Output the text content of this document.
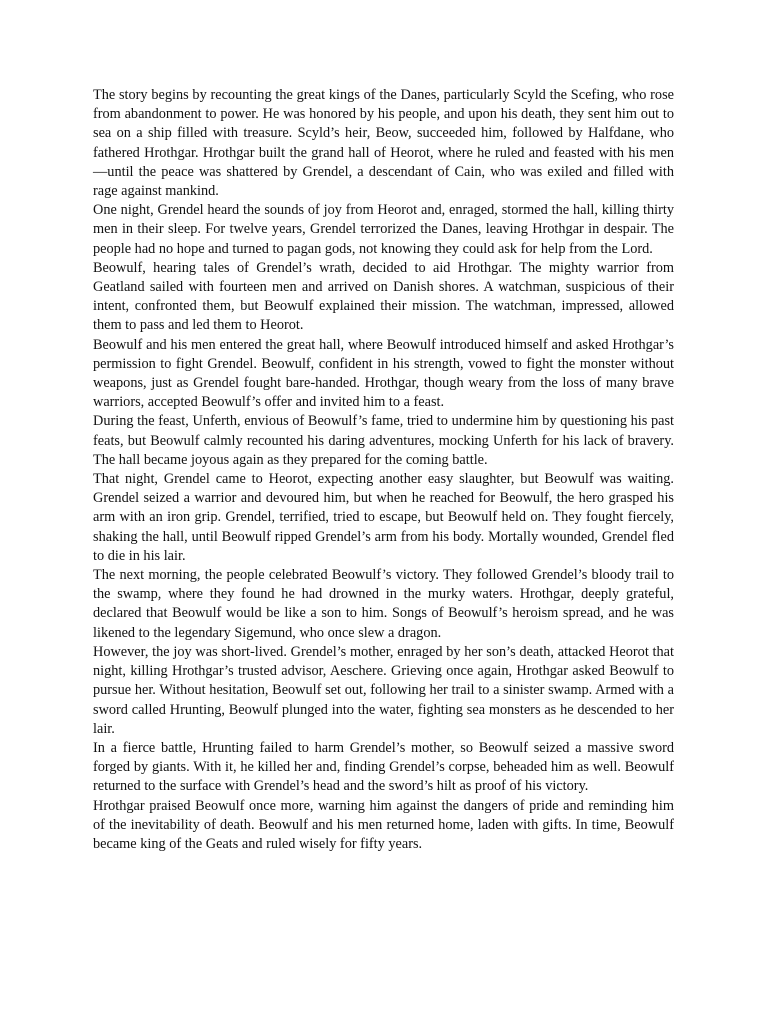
The story begins by recounting the great kings of the Danes, particularly Scyld the Scefing, who rose from abandonment to power. He was honored by his people, and upon his death, they sent him out to sea on a ship filled with treasure. Scyld’s heir, Beow, succeeded him, followed by Halfdane, who fathered Hrothgar. Hrothgar built the grand hall of Heorot, where he ruled and feasted with his men—until the peace was shattered by Grendel, a descendant of Cain, who was exiled and filled with rage against mankind.

One night, Grendel heard the sounds of joy from Heorot and, enraged, stormed the hall, killing thirty men in their sleep. For twelve years, Grendel terrorized the Danes, leaving Hrothgar in despair. The people had no hope and turned to pagan gods, not knowing they could ask for help from the Lord.

Beowulf, hearing tales of Grendel’s wrath, decided to aid Hrothgar. The mighty warrior from Geatland sailed with fourteen men and arrived on Danish shores. A watchman, suspicious of their intent, confronted them, but Beowulf explained their mission. The watchman, impressed, allowed them to pass and led them to Heorot.

Beowulf and his men entered the great hall, where Beowulf introduced himself and asked Hrothgar’s permission to fight Grendel. Beowulf, confident in his strength, vowed to fight the monster without weapons, just as Grendel fought bare-handed. Hrothgar, though weary from the loss of many brave warriors, accepted Beowulf’s offer and invited him to a feast.

During the feast, Unferth, envious of Beowulf’s fame, tried to undermine him by questioning his past feats, but Beowulf calmly recounted his daring adventures, mocking Unferth for his lack of bravery. The hall became joyous again as they prepared for the coming battle.

That night, Grendel came to Heorot, expecting another easy slaughter, but Beowulf was waiting. Grendel seized a warrior and devoured him, but when he reached for Beowulf, the hero grasped his arm with an iron grip. Grendel, terrified, tried to escape, but Beowulf held on. They fought fiercely, shaking the hall, until Beowulf ripped Grendel’s arm from his body. Mortally wounded, Grendel fled to die in his lair.

The next morning, the people celebrated Beowulf’s victory. They followed Grendel’s bloody trail to the swamp, where they found he had drowned in the murky waters. Hrothgar, deeply grateful, declared that Beowulf would be like a son to him. Songs of Beowulf’s heroism spread, and he was likened to the legendary Sigemund, who once slew a dragon.

However, the joy was short-lived. Grendel’s mother, enraged by her son’s death, attacked Heorot that night, killing Hrothgar’s trusted advisor, Aeschere. Grieving once again, Hrothgar asked Beowulf to pursue her. Without hesitation, Beowulf set out, following her trail to a sinister swamp. Armed with a sword called Hrunting, Beowulf plunged into the water, fighting sea monsters as he descended to her lair.

In a fierce battle, Hrunting failed to harm Grendel’s mother, so Beowulf seized a massive sword forged by giants. With it, he killed her and, finding Grendel’s corpse, beheaded him as well. Beowulf returned to the surface with Grendel’s head and the sword’s hilt as proof of his victory.

Hrothgar praised Beowulf once more, warning him against the dangers of pride and reminding him of the inevitability of death. Beowulf and his men returned home, laden with gifts. In time, Beowulf became king of the Geats and ruled wisely for fifty years.
